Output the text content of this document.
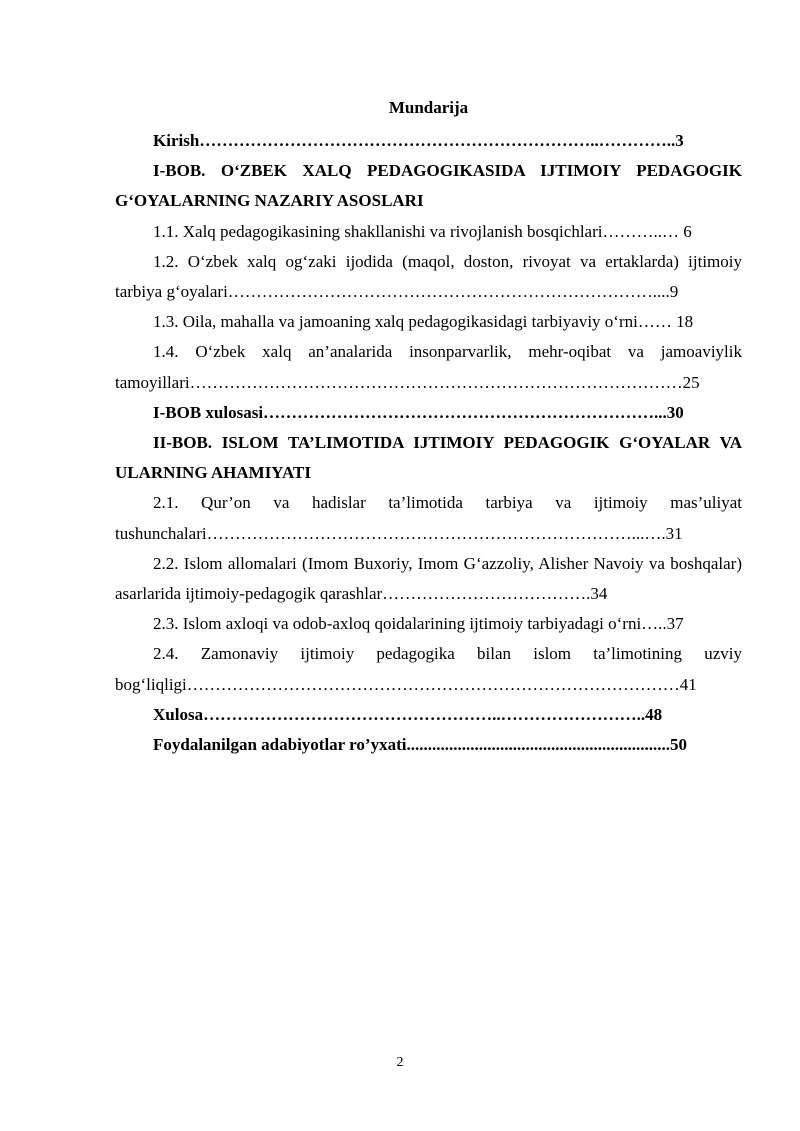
Mundarija

Kirish……………………………………………………………..…………..3

I-BOB. O‘ZBEK XALQ PEDAGOGIKASIDA IJTIMOIY PEDAGOGIK G‘OYALARNING NAZARIY ASOSLARI

1.1. Xalq pedagogikasining shakllanishi va rivojlanish bosqichlari………..… 6

1.2. O‘zbek xalq og‘zaki ijodida (maqol, doston, rivoyat va ertaklarda) ijtimoiy tarbiya g‘oyalari…………………………………………………………………....9

1.3. Oila, mahalla va jamoaning xalq pedagogikasidagi tarbiyaviy o‘rni…… 18

1.4. O‘zbek xalq an’analarida insonparvarlik, mehr-oqibat va jamoaviylik tamoyillari……………………………………………………………………………25

I-BOB xulosasi……………………………………………………………...30

II-BOB. ISLOM TA’LIMOTIDA IJTIMOIY PEDAGOGIK G‘OYALAR VA ULARNING AHAMIYATI

2.1. Qur’on va hadislar ta’limotida tarbiya va ijtimoiy mas’uliyat tushunchalari…………………………………………………………………...….31

2.2. Islom allomalari (Imom Buxoriy, Imom G‘azzoliy, Alisher Navoiy va boshqalar) asarlarida ijtimoiy-pedagogik qarashlar……………………………….34

2.3. Islom axloqi va odob-axloq qoidalarining ijtimoiy tarbiyadagi o‘rni…..37

2.4. Zamonaviy ijtimoiy pedagogika bilan islom ta’limotining uzviy bog‘liqligi……………………………………………………………………………41

Xulosa……………………………………………..……………………..48

Foydalanilgan adabiyotlar ro’yxati..............................................................50

2
